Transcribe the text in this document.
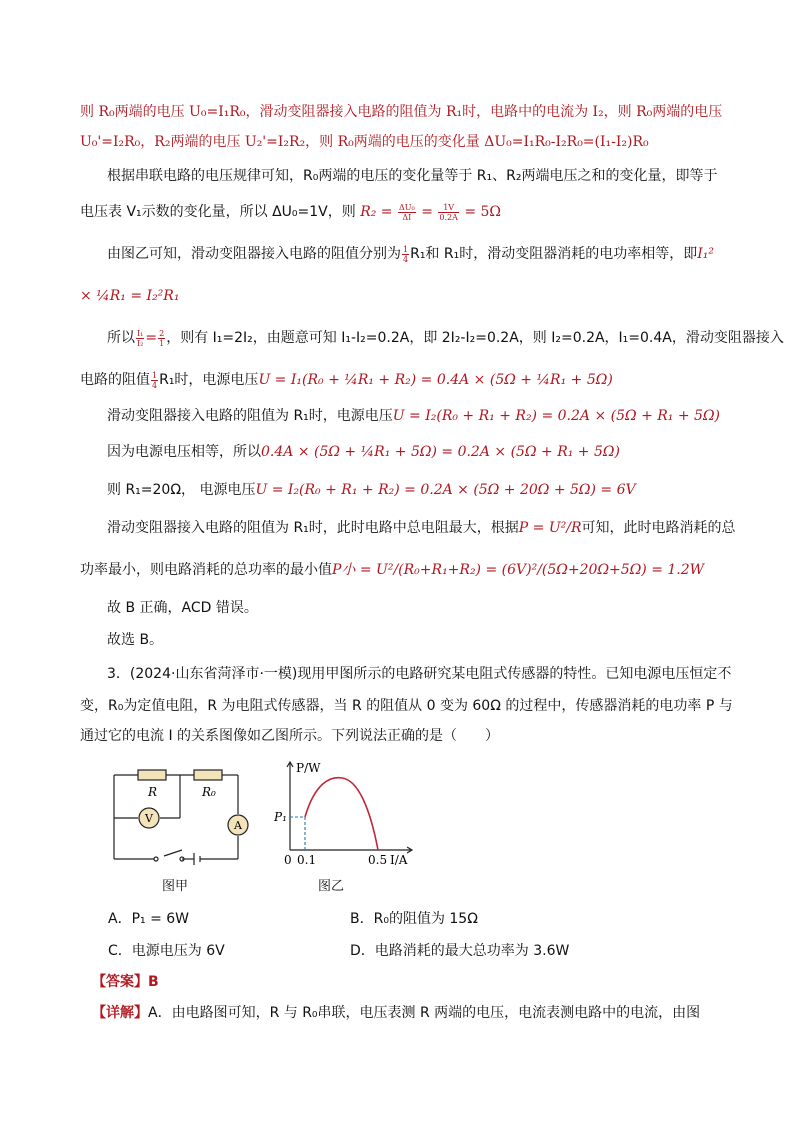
则 R₀两端的电压 U₀=I₁R₀，滑动变阻器接入电路的阻值为 R₁时，电路中的电流为 I₂，则 R₀两端的电压
U₀'=I₂R₀，R₂两端的电压 U₂'=I₂R₂，则 R₀两端的电压的变化量 ΔU₀=I₁R₀-I₂R₀=(I₁-I₂)R₀
根据串联电路的电压规律可知，R₀两端的电压的变化量等于 R₁、R₂两端电压之和的变化量，即等于
电压表 V₁示数的变化量，所以 ΔU₀=1V，则 $R_2 = \frac{\text{ΔU₀}}{\Delta I} = \frac{1V}{0.2A} = 5\Omega$
由图乙可知，滑动变阻器接入电路的阻值分别为 $\frac{1}{4} R_1$和 R₁时，滑动变阻器消耗的电功率相等，即I₁²
× ¼R₁ = I₂²R₁
所以 $\frac{\text{I₁}}{\text{I₂}} = \frac{2}{1}$ ，则有 I₁=2I₂，由题意可知 I₁-I₂=0.2A，即 2I₂-I₂=0.2A，则 I₂=0.2A，I₁=0.4A，滑动变阻器接入
电路的阻值 $\frac{1}{4} R_1$时，电源电压U = I₁(R₀ + ¼R₁ + R₂) = 0.4A × (5Ω + ¼R₁ + 5Ω)
滑动变阻器接入电路的阻值为 R₁时，电源电压U = I₂(R₀ + R₁ + R₂) = 0.2A × (5Ω + R₁ + 5Ω)
因为电源电压相等，所以0.4A × (5Ω + ¼R₁ + 5Ω) = 0.2A × (5Ω + R₁ + 5Ω)
则 R₁=20Ω， 电源电压U = I₂(R₀ + R₁ + R₂) = 0.2A × (5Ω + 20Ω + 5Ω) = 6V
滑动变阻器接入电路的阻值为 R₁时，此时电路中总电阻最大，根据P = U²/R可知，此时电路消耗的总
功率最小，则电路消耗的总功率的最小值P小 = U²/(R₀+R₁+R₂) = (6V)²/(5Ω+20Ω+5Ω) = 1.2W
故 B 正确，ACD 错误。
故选 B。
3．(2024·山东省菏泽市·一模)现用甲图所示的电路研究某电阻式传感器的特性。已知电源电压恒定不
变，R₀为定值电阻，R 为电阻式传感器，当 R 的阻值从 0 变为 60Ω 的过程中，传感器消耗的电功率 P 与
通过它的电流 I 的关系图像如乙图所示。下列说法正确的是（　　）
R	R₀
V
A
图甲
P/W
I/A
P₁
0 0.1	0.5
图乙
A．P₁ = 6W	B．R₀的阻值为 15Ω
C．电源电压为 6V	D．电路消耗的最大总功率为 3.6W
【答案】B
【详解】A．由电路图可知，R 与 R₀串联，电压表测 R 两端的电压，电流表测电路中的电流，由图
